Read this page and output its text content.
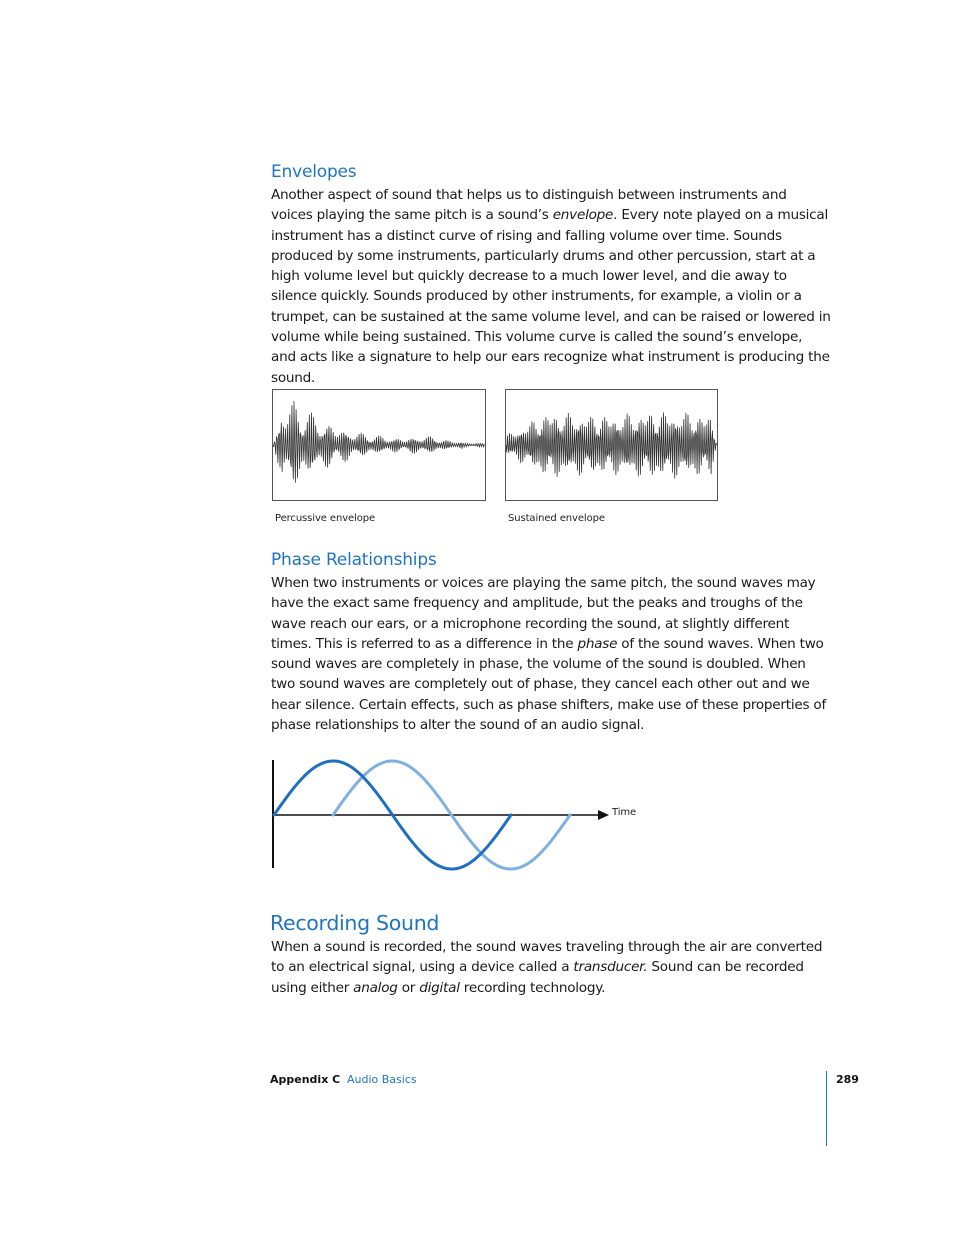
Envelopes

Another aspect of sound that helps us to distinguish between instruments and voices playing the same pitch is a sound’s envelope. Every note played on a musical instrument has a distinct curve of rising and falling volume over time. Sounds produced by some instruments, particularly drums and other percussion, start at a high volume level but quickly decrease to a much lower level, and die away to silence quickly. Sounds produced by other instruments, for example, a violin or a trumpet, can be sustained at the same volume level, and can be raised or lowered in volume while being sustained. This volume curve is called the sound’s envelope, and acts like a signature to help our ears recognize what instrument is producing the sound.

Percussive envelope	Sustained envelope
Phase Relationships

When two instruments or voices are playing the same pitch, the sound waves may have the exact same frequency and amplitude, but the peaks and troughs of the wave reach our ears, or a microphone recording the sound, at slightly different times. This is referred to as a difference in the phase of the sound waves. When two sound waves are completely in phase, the volume of the sound is doubled. When two sound waves are completely out of phase, they cancel each other out and we hear silence. Certain effects, such as phase shifters, make use of these properties of phase relationships to alter the sound of an audio signal.

Time
Recording Sound

When a sound is recorded, the sound waves traveling through the air are converted to an electrical signal, using a device called a transducer. Sound can be recorded using either analog or digital recording technology.

Appendix C Audio Basics	289
